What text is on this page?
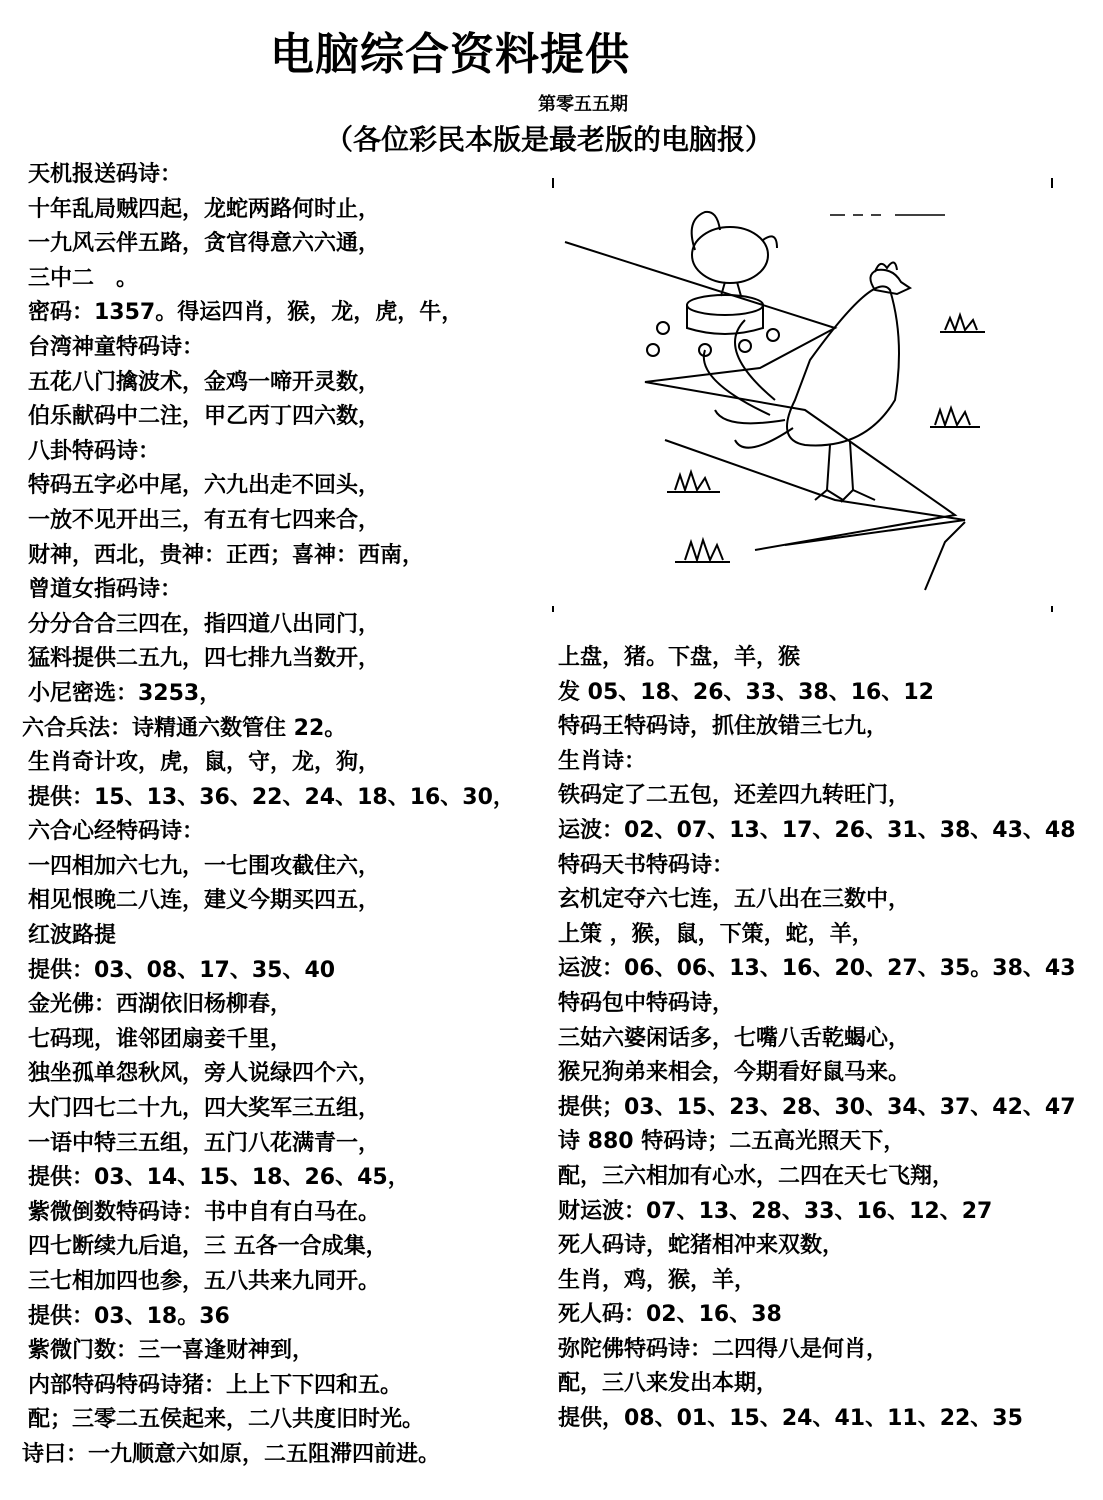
电脑综合资料提供
第零五五期
（各位彩民本版是最老版的电脑报）
天机报送码诗：
十年乱局贼四起，龙蛇两路何时止，
一九风云伴五路，贪官得意六六通，
三中二　。
密码：1357。得运四肖，猴，龙，虎，牛，
台湾神童特码诗：
五花八门擒波术，金鸡一啼开灵数，
伯乐献码中二注，甲乙丙丁四六数，
八卦特码诗：
特码五字必中尾，六九出走不回头，
一放不见开出三，有五有七四来合，
财神，西北，贵神：正西；喜神：西南，
曾道女指码诗：
分分合合三四在，指四道八出同门，
猛料提供二五九，四七排九当数开，
小尼密选：3253，
六合兵法：诗精通六数管住 22。
生肖奇计攻，虎，鼠，守，龙，狗，
提供：15、13、36、22、24、18、16、30，
六合心经特码诗：
一四相加六七九，一七围攻截住六，
相见恨晚二八连，建义今期买四五，
红波路提
提供：03、08、17、35、40
金光佛：西湖依旧杨柳春，
七码现，谁邻团扇妾千里，
独坐孤单怨秋风，旁人说绿四个六，
大门四七二十九，四大奖军三五组，
一语中特三五组，五门八花满青一，
提供：03、14、15、18、26、45，
紫微倒数特码诗：书中自有白马在。
四七断续九后追，三 五各一合成集，
三七相加四也参，五八共来九同开。
提供：03、18。36
紫微门数：三一喜逢财神到，
内部特码特码诗猪：上上下下四和五。
配；三零二五侯起来，二八共度旧时光。
诗曰：一九顺意六如原，二五阻滞四前进。
上盘，猪。下盘，羊，猴
发 05、18、26、33、38、16、12
特码王特码诗，抓住放错三七九，
生肖诗：
铁码定了二五包，还差四九转旺门，
运波：02、07、13、17、26、31、38、43、48
特码天书特码诗：
玄机定夺六七连，五八出在三数中，
上策 ，猴，鼠，下策，蛇，羊，
运波：06、06、13、16、20、27、35。38、43
特码包中特码诗，
三姑六婆闲话多，七嘴八舌乾蝎心，
猴兄狗弟来相会，今期看好鼠马来。
提供；03、15、23、28、30、34、37、42、47
诗 880 特码诗；二五高光照天下，
配，三六相加有心水，二四在天七飞翔，
财运波：07、13、28、33、16、12、27
死人码诗，蛇猪相冲来双数，
生肖，鸡，猴，羊，
死人码：02、16、38
弥陀佛特码诗：二四得八是何肖，
配，三八来发出本期，
提供，08、01、15、24、41、11、22、35
